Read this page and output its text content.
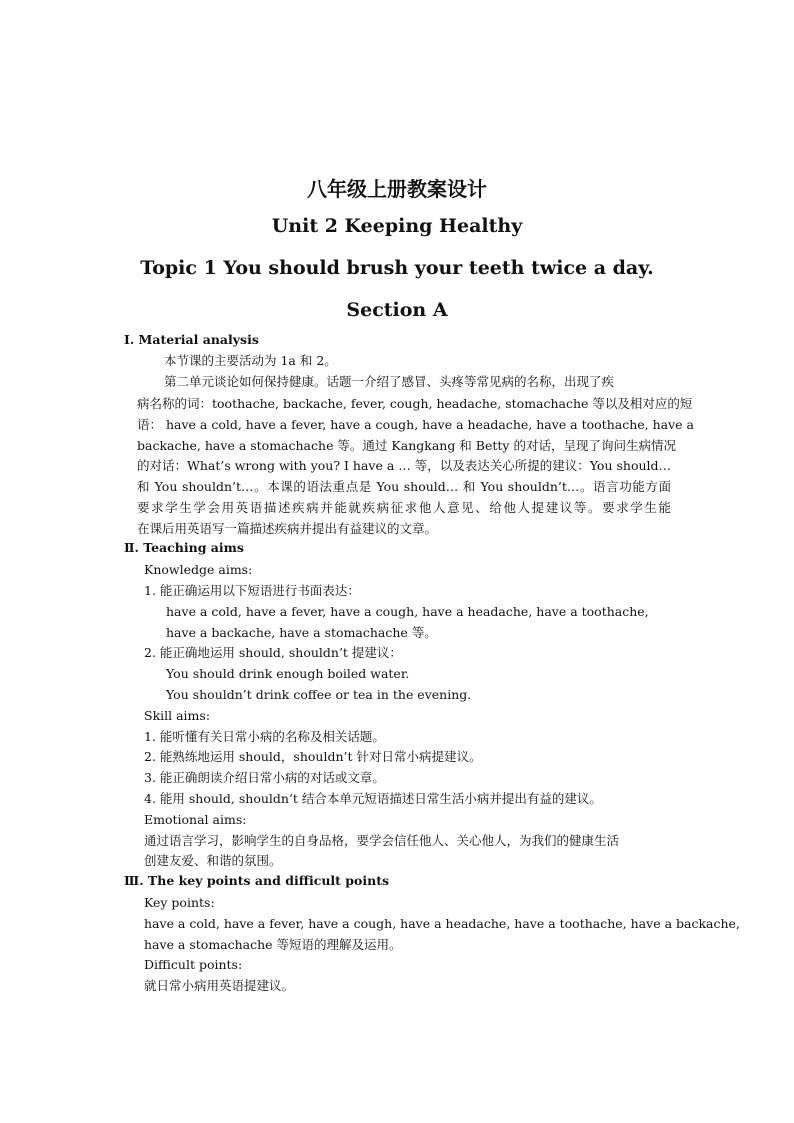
八年级上册教案设计
Unit 2 Keeping Healthy
Topic 1 You should brush your teeth twice a day.
Section A
Ⅰ. Material analysis
本节课的主要活动为 1a 和 2。
第二单元谈论如何保持健康。话题一介绍了感冒、头疼等常见病的名称，出现了疾
病名称的词：toothache, backache, fever, cough, headache, stomachache 等以及相对应的短
语： have a cold, have a fever, have a cough, have a headache, have a toothache, have a
backache, have a stomachache 等。通过 Kangkang 和 Betty 的对话，呈现了询问生病情况
的对话：What’s wrong with you? I have a … 等，以及表达关心所提的建议：You should…
和 You shouldn’t…。本课的语法重点是 You should… 和 You shouldn’t…。语言功能方面
要求学生学会用英语描述疾病并能就疾病征求他人意见、给他人提建议等。要求学生能
在课后用英语写一篇描述疾病并提出有益建议的文章。
Ⅱ. Teaching aims
Knowledge aims:
1. 能正确运用以下短语进行书面表达：
have a cold, have a fever, have a cough, have a headache, have a toothache,
have a backache, have a stomachache 等。
2. 能正确地运用 should, shouldn’t 提建议：
You should drink enough boiled water.
You shouldn’t drink coffee or tea in the evening.
Skill aims:
1. 能听懂有关日常小病的名称及相关话题。
2. 能熟练地运用 should，shouldn’t 针对日常小病提建议。
3. 能正确朗读介绍日常小病的对话或文章。
4. 能用 should, shouldn’t 结合本单元短语描述日常生活小病并提出有益的建议。
Emotional aims:
通过语言学习，影响学生的自身品格，要学会信任他人、关心他人，为我们的健康生活
创建友爱、和谐的氛围。
Ⅲ. The key points and difficult points
Key points:
have a cold, have a fever, have a cough, have a headache, have a toothache, have a backache,
have a stomachache 等短语的理解及运用。
Difficult points:
就日常小病用英语提建议。
